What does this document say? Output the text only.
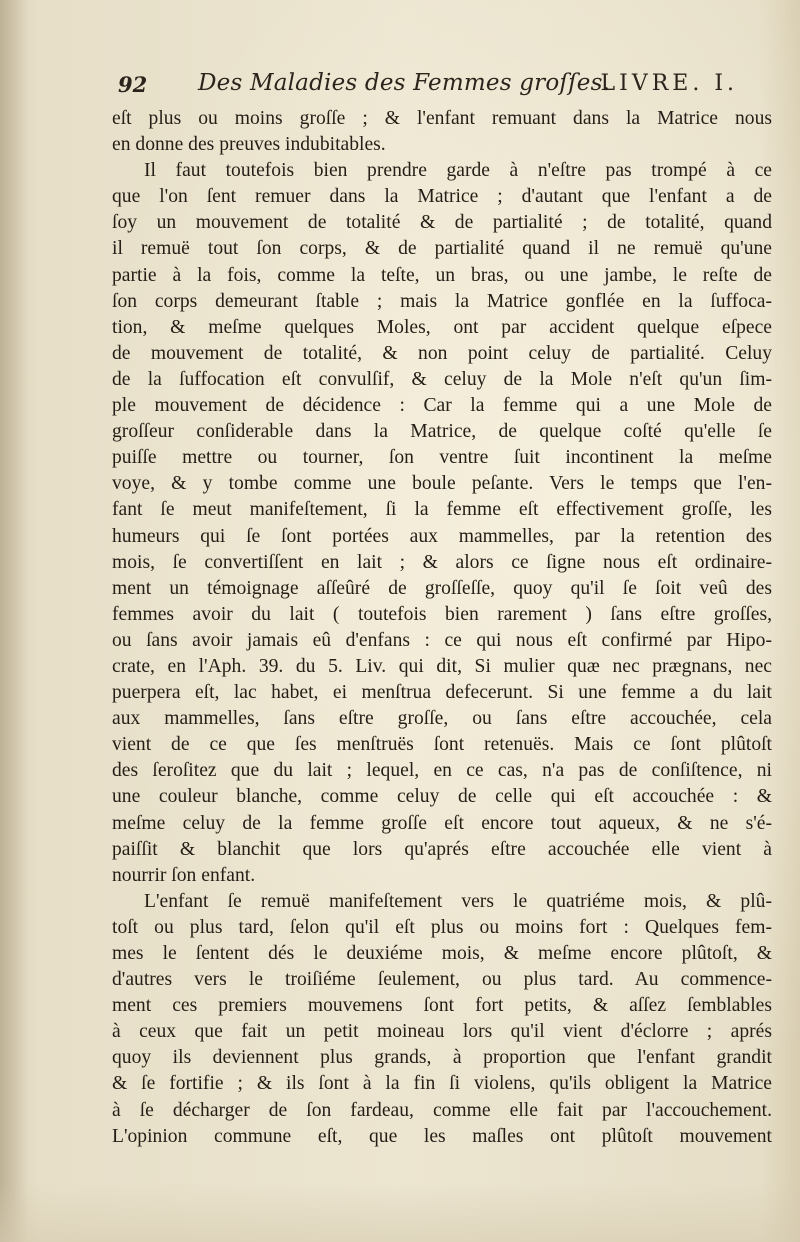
92 Des Maladies des Femmes groſſes.
LIVRE. I.
eſt plus ou moins groſſe ; & l'enfant remuant dans la Matrice nous
en donne des preuves indubitables.
Il faut toutefois bien prendre garde à n'eſtre pas trompé à ce
que l'on ſent remuer dans la Matrice ; d'autant que l'enfant a de
ſoy un mouvement de totalité & de partialité ; de totalité, quand
il remuë tout ſon corps, & de partialité quand il ne remuë qu'une
partie à la fois, comme la teſte, un bras, ou une jambe, le reſte de
ſon corps demeurant ſtable ; mais la Matrice gonflée en la ſuffoca-
tion, & meſme quelques Moles, ont par accident quelque eſpece
de mouvement de totalité, & non point celuy de partialité. Celuy
de la ſuffocation eſt convulſif, & celuy de la Mole n'eſt qu'un ſim-
ple mouvement de décidence : Car la femme qui a une Mole de
groſſeur conſiderable dans la Matrice, de quelque coſté qu'elle ſe
puiſſe mettre ou tourner, ſon ventre ſuit incontinent la meſme
voye, & y tombe comme une boule peſante. Vers le temps que l'en-
fant ſe meut manifeſtement, ſi la femme eſt effectivement groſſe, les
humeurs qui ſe ſont portées aux mammelles, par la retention des
mois, ſe convertiſſent en lait ; & alors ce ſigne nous eſt ordinaire-
ment un témoignage aſſeûré de groſſeſſe, quoy qu'il ſe ſoit veû des
femmes avoir du lait ( toutefois bien rarement ) ſans eſtre groſſes,
ou ſans avoir jamais eû d'enfans : ce qui nous eſt confirmé par Hipo-
crate, en l'Aph. 39. du 5. Liv. qui dit, Si mulier quæ nec prægnans, nec
puerpera eſt, lac habet, ei menſtrua defecerunt. Si une femme a du lait
aux mammelles, ſans eſtre groſſe, ou ſans eſtre accouchée, cela
vient de ce que ſes menſtruës ſont retenuës. Mais ce ſont plûtoſt
des ſeroſitez que du lait ; lequel, en ce cas, n'a pas de conſiſtence, ni
une couleur blanche, comme celuy de celle qui eſt accouchée : &
meſme celuy de la femme groſſe eſt encore tout aqueux, & ne s'é-
paiſſit & blanchit que lors qu'aprés eſtre accouchée elle vient à
nourrir ſon enfant.
L'enfant ſe remuë manifeſtement vers le quatriéme mois, & plû-
toſt ou plus tard, ſelon qu'il eſt plus ou moins fort : Quelques fem-
mes le ſentent dés le deuxiéme mois, & meſme encore plûtoſt, &
d'autres vers le troiſiéme ſeulement, ou plus tard. Au commence-
ment ces premiers mouvemens ſont fort petits, & aſſez ſemblables
à ceux que fait un petit moineau lors qu'il vient d'éclorre ; aprés
quoy ils deviennent plus grands, à proportion que l'enfant grandit
& ſe fortifie ; & ils ſont à la fin ſi violens, qu'ils obligent la Matrice
à ſe décharger de ſon fardeau, comme elle fait par l'accouchement.
L'opinion commune eſt, que les maſles ont plûtoſt mouvement
